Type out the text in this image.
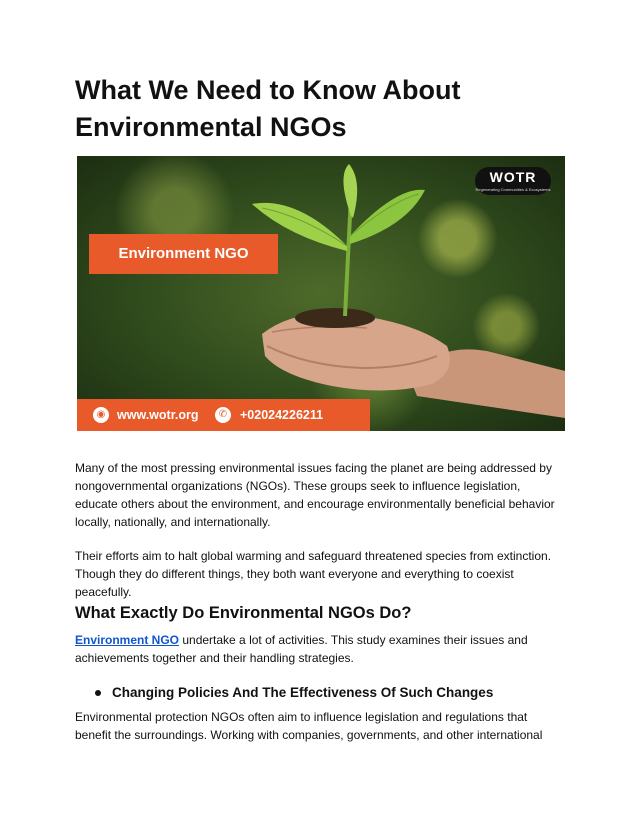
What We Need to Know About
Environmental NGOs
WOTR
Regenerating Communities & Ecosystems
Environment NGO
◉ www.wotr.org	✆	+02024226211

Many of the most pressing environmental issues facing the planet are being addressed by nongovernmental organizations (NGOs). These groups seek to influence legislation, educate others about the environment, and encourage environmentally beneficial behavior locally, nationally, and internationally.

Their efforts aim to halt global warming and safeguard threatened species from extinction. Though they do different things, they both want everyone and everything to coexist peacefully.

What Exactly Do Environmental NGOs Do?

Environment NGO undertake a lot of activities. This study examines their issues and achievements together and their handling strategies.

Changing Policies And The Effectiveness Of Such Changes

Environmental protection NGOs often aim to influence legislation and regulations that benefit the surroundings. Working with companies, governments, and other international
